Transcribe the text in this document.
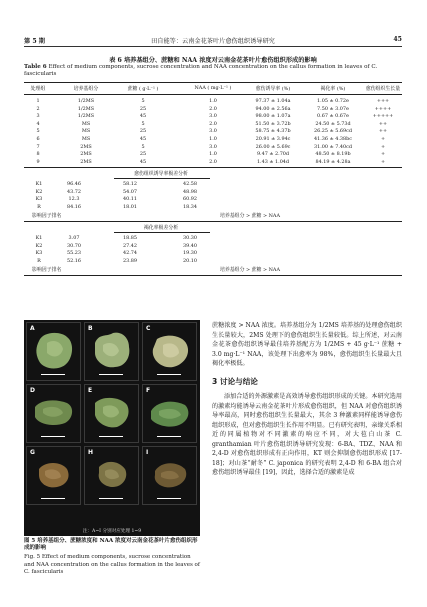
第 5 期	田自能等：云南金花茶叶片愈伤组织诱导研究	45
表 6 培养基组分、蔗糖和 NAA 浓度对云南金花茶叶片愈伤组织形成的影响
Table 6 Effect of medium components, sucrose concentration and NAA concentration on the callus formation in leaves of C. fascicularis
处理组	培养基组分	蔗糖 ( g·L⁻¹ )	NAA ( mg·L⁻¹ )	愈伤诱导率 (%)	褐化率 (%)	愈伤组织生长量
1	1/2MS	5	1.0	97.37 ± 1.04a	1.05 ± 0.72e	+++
2	1/2MS	25	2.0	94.00 ± 2.56a	7.50 ± 3.07e	++++
3	1/2MS	45	3.0	98.00 ± 1.07a	0.67 ± 0.67e	+++++
4	MS	5	2.0	51.50 ± 3.72b	24.50 ± 5.73d	++
5	MS	25	3.0	58.75 ± 4.37b	26.25 ± 5.69cd	++
6	MS	45	1.0	20.91 ± 3.94c	41.36 ± 4.38bc	+
7	2MS	5	3.0	26.00 ± 5.69c	31.00 ± 7.40cd	+
8	2MS	25	1.0	9.47 ± 2.70d	48.50 ± 8.19b	+
9	2MS	45	2.0	1.43 ± 1.04d	84.19 ± 4.28a	+
愈伤组织诱导率极差分析
K1	96.46	58.12	42.58
K2	43.72	54.07	48.98
K3	12.3	40.11	60.92
R	84.16	18.01	18.34
影响因子排名	培养基组分 > 蔗糖 > NAA
褐化率极差分析
K1	3.07	18.85	30.30
K2	30.70	27.42	39.40
K3	55.23	42.74	19.30
R	52.16	23.89	20.10
影响因子排名	培养基组分 > 蔗糖 > NAA
A	B	C
D	E	F
G	H	I
注：A~I 分别对应处理 1~9
图 5 培养基组分、蔗糖浓度和 NAA 浓度对云南金花茶叶片愈伤组织形成的影响
Fig. 5 Effect of medium components, sucrose concentration and NAA concentration on the callus formation in the leaves of C. fascicularis

蔗糖浓度 > NAA 浓度。培养基组分为 1/2MS 培养基的处理愈伤组织生长量较大，2MS 处理下的愈伤组织生长量较低。综上所述，对云南金花茶愈伤组织诱导最佳培养基配方为 1/2MS + 45 g·L⁻¹ 蔗糖 + 3.0 mg·L⁻¹ NAA，该处理下出愈率为 98%，愈伤组织生长量最大且褐化率极低。

3 讨论与结论

添加合适的外源激素是高效诱导愈伤组织形成的关键。本研究选用的激素均能诱导云南金花茶叶片形成愈伤组织，但 NAA 对愈伤组织诱导率最高，同时愈伤组织生长量最大，其余 3 种激素同样能诱导愈伤组织形成，但对愈伤组织生长作用不明显。已有研究表明，亲缘关系相近的同属植物对不同激素的响应不同，对大苞白山茶 C. granthamian 叶片愈伤组织诱导研究发现：6-BA、TDZ、NAA 和 2,4-D 对愈伤组织形成有正向作用，KT 则会抑制愈伤组织形成 [17-18]；对山茶“耐冬” C. japonica 的研究表明 2,4-D 和 6-BA 组合对愈伤组织诱导最佳 [19]，因此，选择合适的激素是成
